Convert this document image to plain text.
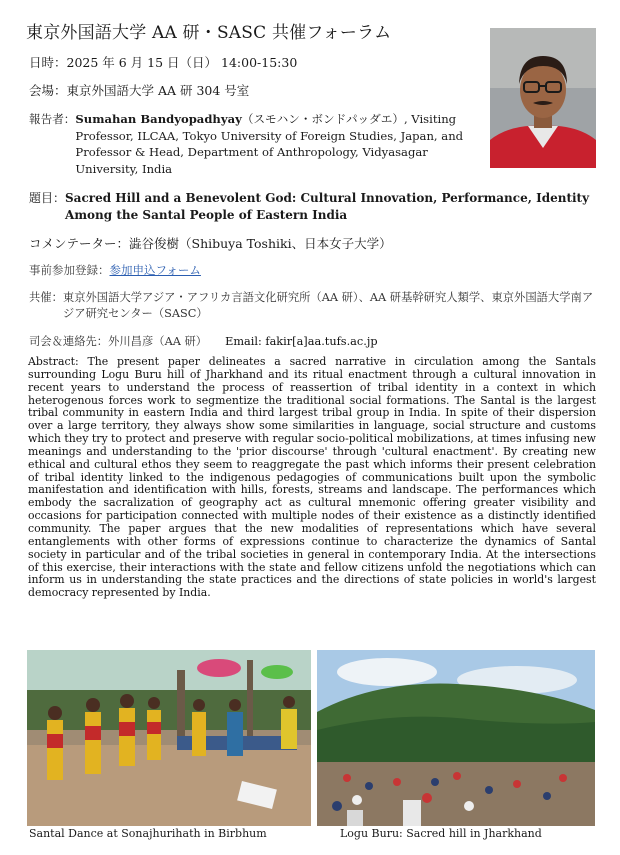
東京外国語大学 AA 研・SASC 共催フォーラム
日時：2025 年 6 月 15 日（日） 14:00-15:30
会場：東京外国語大学 AA 研 304 号室
報告者： Sumahan Bandyopadhyay（スモハン・ボンドパッダエ）, Visiting Professor, ILCAA, Tokyo University of Foreign Studies, Japan, and Professor & Head, Department of Anthropology, Vidyasagar University, India
題目： Sacred Hill and a Benevolent God: Cultural Innovation, Performance, Identity Among the Santal People of Eastern India
コメンテーター：澁谷俊樹（Shibuya Toshiki、日本女子大学）
事前参加登録：参加申込フォーム
共催： 東京外国語大学アジア・アフリカ言語文化研究所（AA 研）、AA 研基幹研究人類学、東京外国語大学南アジア研究センター（SASC）
司会＆連絡先：外川昌彦（AA 研） Email: fakir[a]aa.tufs.ac.jp
Abstract: The present paper delineates a sacred narrative in circulation among the Santals surrounding Logu Buru hill of Jharkhand and its ritual enactment through a cultural innovation in recent years to understand the process of reassertion of tribal identity in a context in which heterogenous forces work to segmentize the traditional social formations. The Santal is the largest tribal community in eastern India and third largest tribal group in India. In spite of their dispersion over a large territory, they always show some similarities in language, social structure and customs which they try to protect and preserve with regular socio-political mobilizations, at times infusing new meanings and understanding to the 'prior discourse' through 'cultural enactment'. By creating new ethical and cultural ethos they seem to reaggregate the past which informs their present celebration of tribal identity linked to the indigenous pedagogies of communications built upon the symbolic manifestation and identification with hills, forests, streams and landscape. The performances which embody the sacralization of geography act as cultural mnemonic offering greater visibility and occasions for participation connected with multiple nodes of their existence as a distinctly identified community. The paper argues that the new modalities of representations which have several entanglements with other forms of expressions continue to characterize the dynamics of Santal society in particular and of the tribal societies in general in contemporary India. At the intersections of this exercise, their interactions with the state and fellow citizens unfold the negotiations which can inform us in understanding the state practices and the directions of state policies in world's largest democracy represented by India.
Santal Dance at Sonajhurihath in Birbhum	Logu Buru: Sacred hill in Jharkhand
